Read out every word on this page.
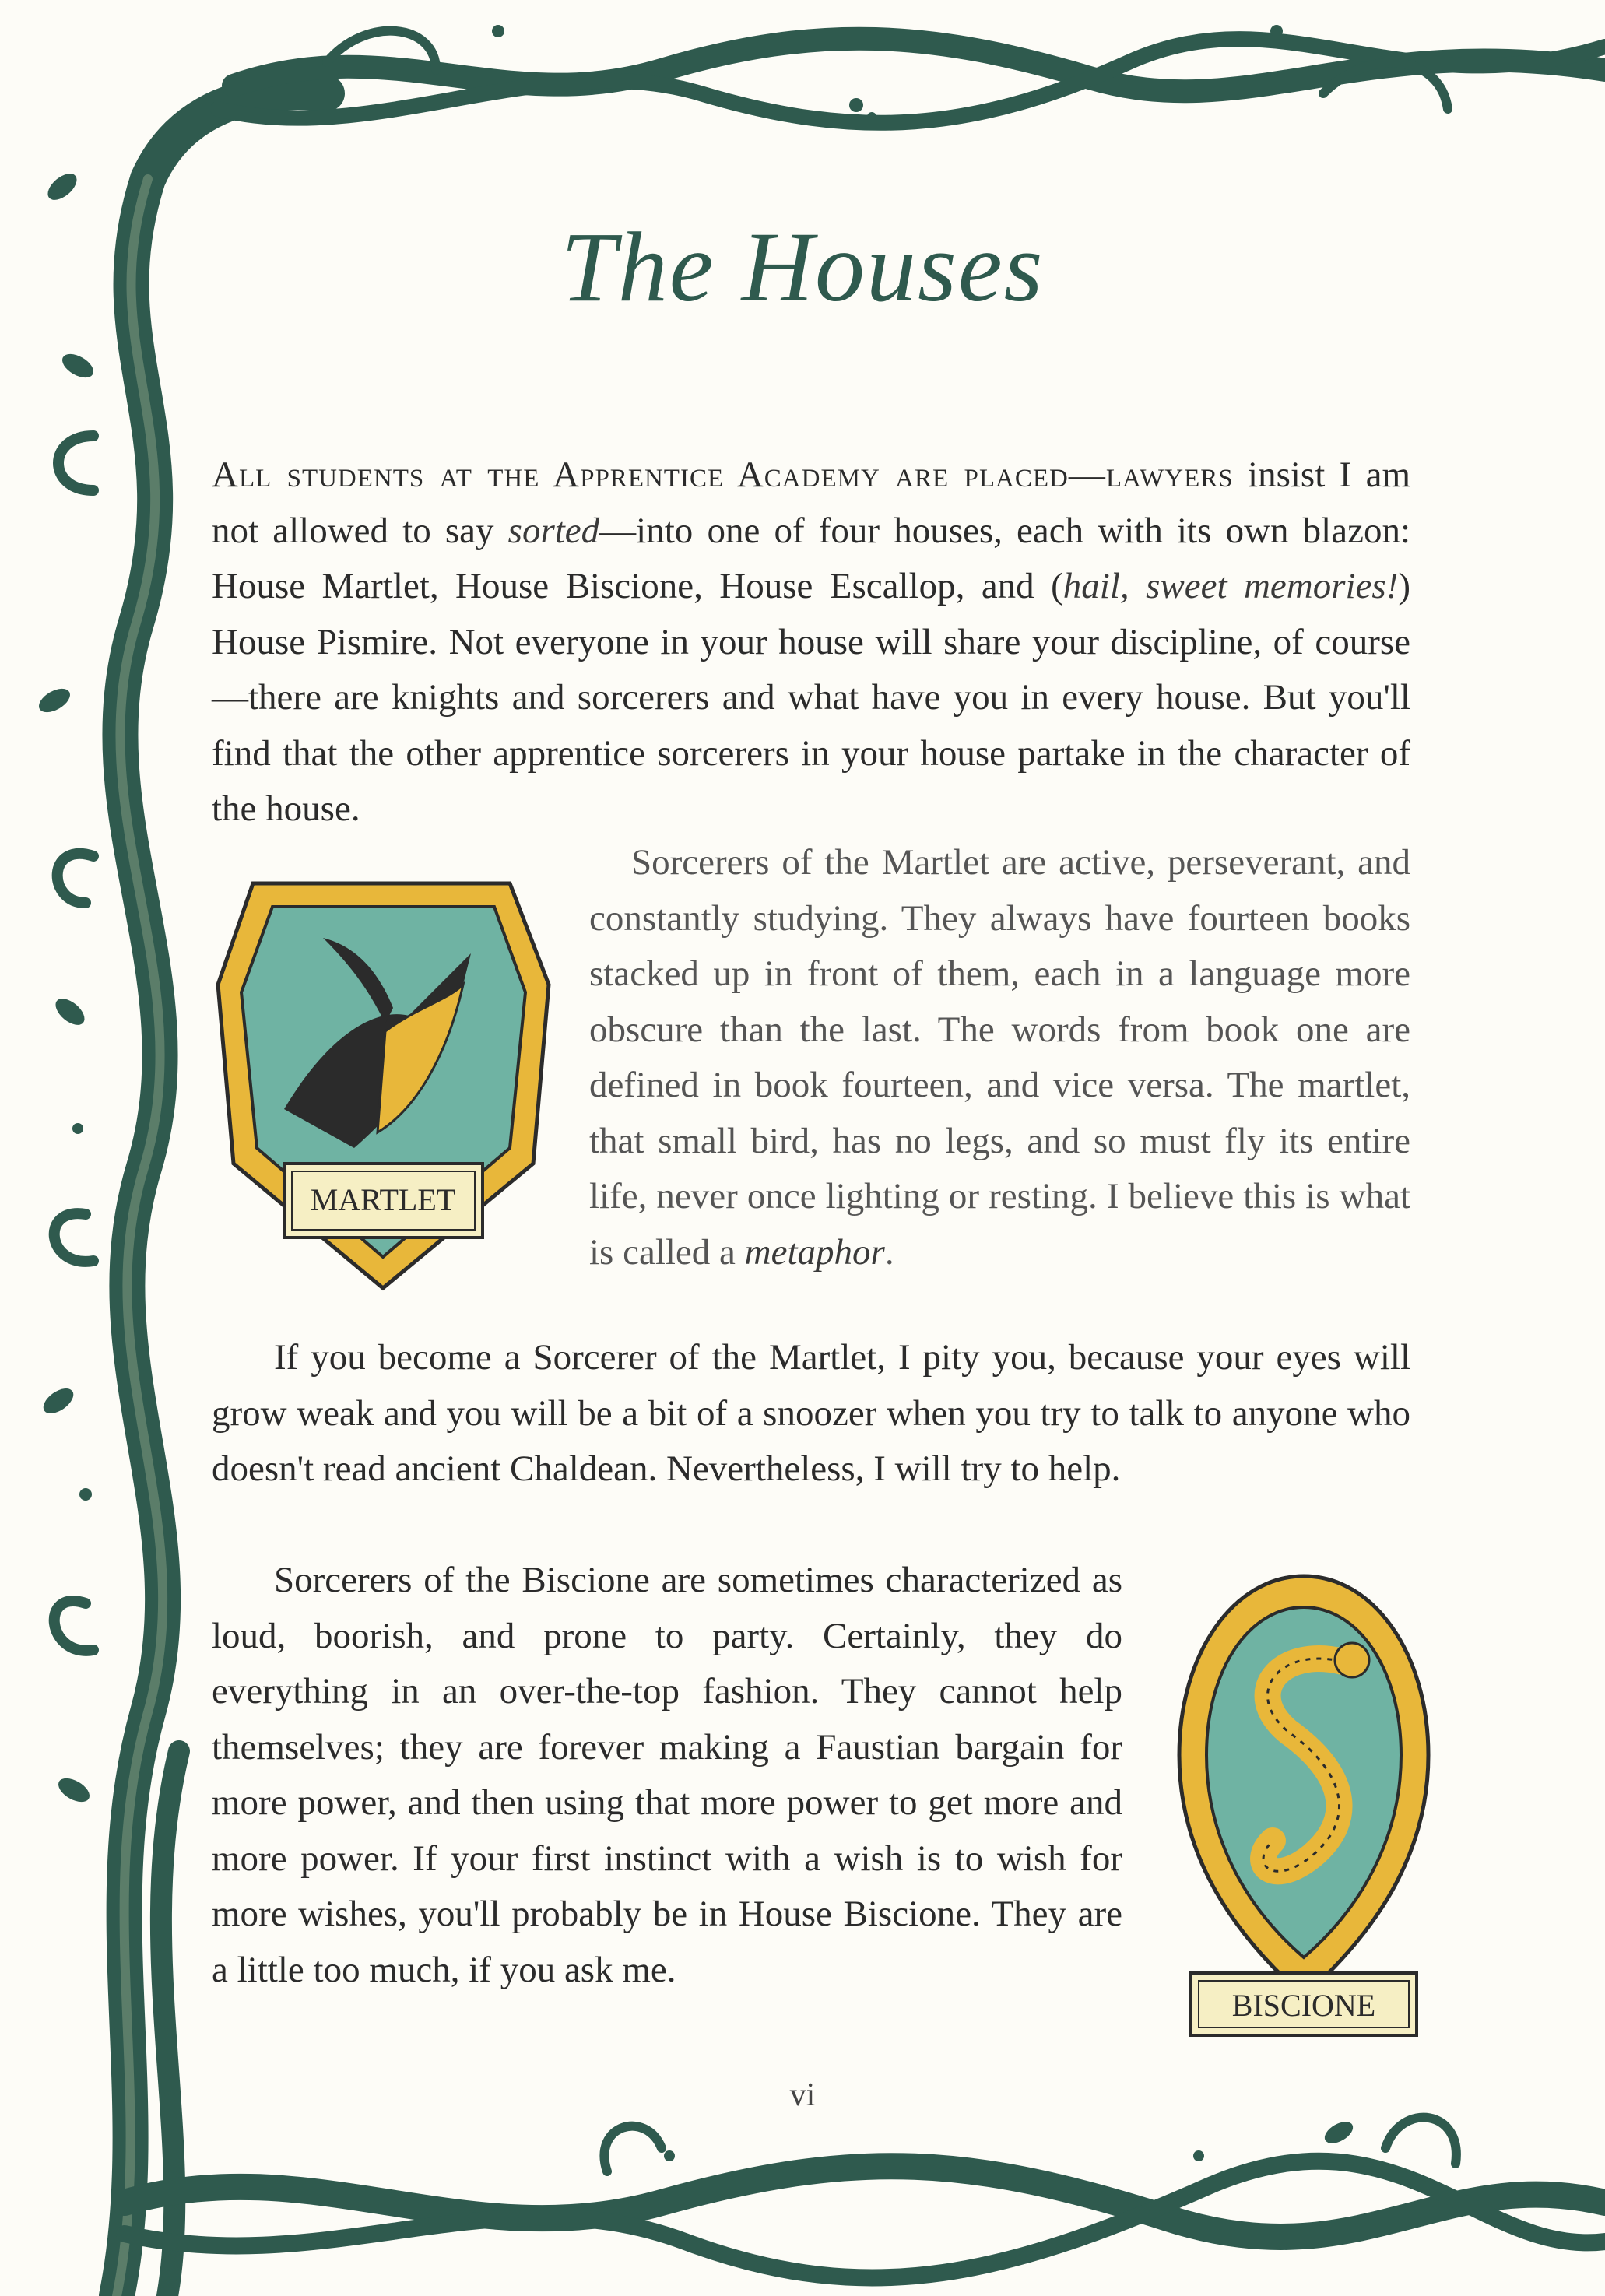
The Houses

All students at the Apprentice Academy are placed—lawyers insist I am not allowed to say sorted—into one of four houses, each with its own blazon: House Martlet, House Biscione, House Escallop, and (hail, sweet memories!) House Pismire. Not everyone in your house will share your discipline, of course—there are knights and sorcerers and what have you in every house. But you'll find that the other apprentice sorcerers in your house partake in the character of the house.

MARTLET

Sorcerers of the Martlet are active, perseverant, and constantly studying. They always have fourteen books stacked up in front of them, each in a language more obscure than the last. The words from book one are defined in book fourteen, and vice versa. The martlet, that small bird, has no legs, and so must fly its entire life, never once lighting or resting. I believe this is what is called a metaphor.

If you become a Sorcerer of the Martlet, I pity you, because your eyes will grow weak and you will be a bit of a snoozer when you try to talk to anyone who doesn't read ancient Chaldean. Nevertheless, I will try to help.

Sorcerers of the Biscione are sometimes characterized as loud, boorish, and prone to party. Certainly, they do everything in an over-the-top fashion. They cannot help themselves; they are forever making a Faustian bargain for more power, and then using that more power to get more and more power. If your first instinct with a wish is to wish for more wishes, you'll probably be in House Biscione. They are a little too much, if you ask me.

BISCIONE
vi
